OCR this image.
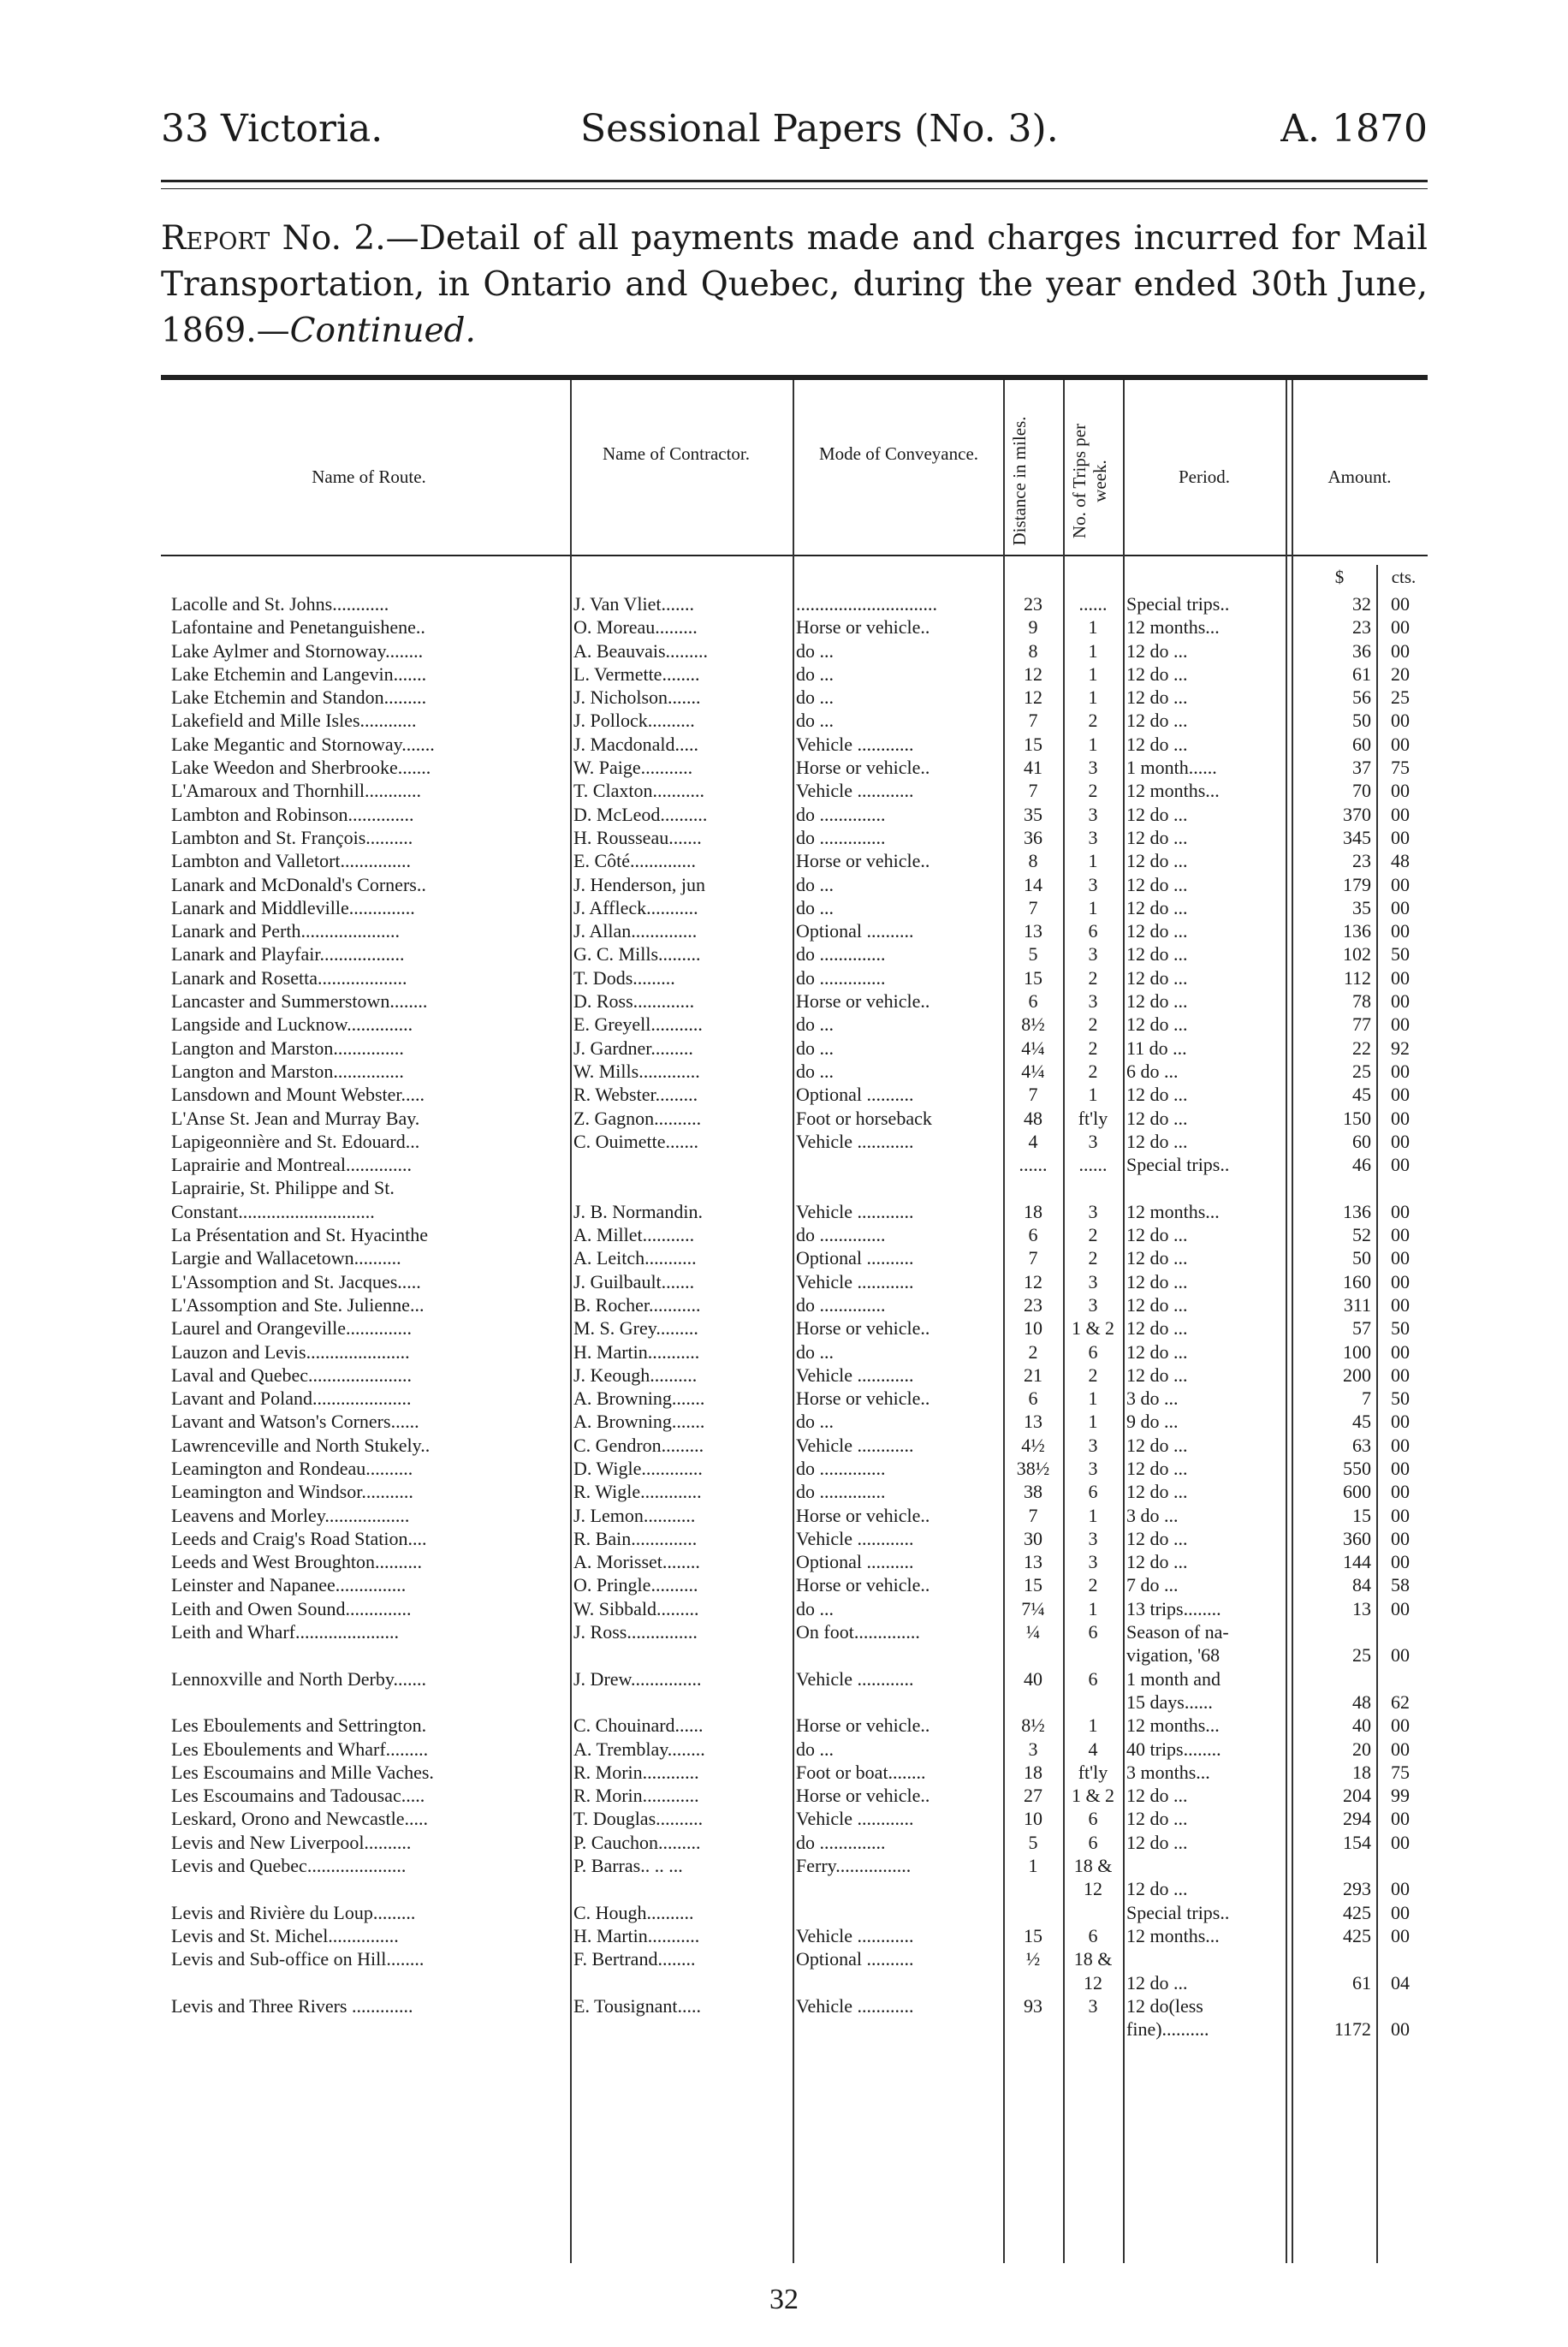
33 Victoria.	Sessional Papers (No. 3).	A. 1870
Report No. 2.—Detail of all payments made and charges incurred for Mail Transportation, in Ontario and Quebec, during the year ended 30th June, 1869.—Continued.
Name of Route.
Name of Contractor.	Mode of Conveyance.	Distance in miles.	No. of Trips per week.	Period.	Amount.
$	cts.
Lacolle and St. Johns............	J. Van Vliet.......	..............................	23	......	Special trips..	32	00
Lafontaine and Penetanguishene..	O. Moreau.........	Horse or vehicle..	9	1	12 months...	23	00
Lake Aylmer and Stornoway........	A. Beauvais.........	do ...	8	1	12 do ...	36	00
Lake Etchemin and Langevin.......	L. Vermette........	do ...	12	1	12 do ...	61	20
Lake Etchemin and Standon.........	J. Nicholson.......	do ...	12	1	12 do ...	56	25
Lakefield and Mille Isles............	J. Pollock..........	do ...	7	2	12 do ...	50	00
Lake Megantic and Stornoway.......	J. Macdonald.....	Vehicle ............	15	1	12 do ...	60	00
Lake Weedon and Sherbrooke.......	W. Paige...........	Horse or vehicle..	41	3	1 month......	37	75
L'Amaroux and Thornhill............	T. Claxton...........	Vehicle ............	7	2	12 months...	70	00
Lambton and Robinson..............	D. McLeod..........	do ..............	35	3	12 do ...	370	00
Lambton and St. François..........	H. Rousseau.......	do ..............	36	3	12 do ...	345	00
Lambton and Valletort...............	E. Côté..............	Horse or vehicle..	8	1	12 do ...	23	48
Lanark and McDonald's Corners..	J. Henderson, jun	do ...	14	3	12 do ...	179	00
Lanark and Middleville..............	J. Affleck...........	do ...	7	1	12 do ...	35	00
Lanark and Perth.....................	J. Allan..............	Optional ..........	13	6	12 do ...	136	00
Lanark and Playfair..................	G. C. Mills.........	do ..............	5	3	12 do ...	102	50
Lanark and Rosetta...................	T. Dods.........	do ..............	15	2	12 do ...	112	00
Lancaster and Summerstown........	D. Ross.............	Horse or vehicle..	6	3	12 do ...	78	00
Langside and Lucknow..............	E. Greyell...........	do ...	8½	2	12 do ...	77	00
Langton and Marston...............	J. Gardner.........	do ...	4¼	2	11 do ...	22	92
Langton and Marston...............	W. Mills.............	do ...	4¼	2	6 do ...	25	00
Lansdown and Mount Webster.....	R. Webster.........	Optional ..........	7	1	12 do ...	45	00
L'Anse St. Jean and Murray Bay.	Z. Gagnon..........	Foot or horseback	48	ft'ly	12 do ...	150	00
Lapigeonnière and St. Edouard...	C. Ouimette.......	Vehicle ............	4	3	12 do ...	60	00
Laprairie and Montreal..............			......	......	Special trips..	46	00
Laprairie, St. Philippe and St.							
Constant.............................	J. B. Normandin.	Vehicle ............	18	3	12 months...	136	00
La Présentation and St. Hyacinthe	A. Millet...........	do ..............	6	2	12 do ...	52	00
Largie and Wallacetown..........	A. Leitch...........	Optional ..........	7	2	12 do ...	50	00
L'Assomption and St. Jacques.....	J. Guilbault.......	Vehicle ............	12	3	12 do ...	160	00
L'Assomption and Ste. Julienne...	B. Rocher...........	do ..............	23	3	12 do ...	311	00
Laurel and Orangeville..............	M. S. Grey.........	Horse or vehicle..	10	1 & 2	12 do ...	57	50
Lauzon and Levis......................	H. Martin...........	do ...	2	6	12 do ...	100	00
Laval and Quebec......................	J. Keough..........	Vehicle ............	21	2	12 do ...	200	00
Lavant and Poland.....................	A. Browning.......	Horse or vehicle..	6	1	3 do ...	7	50
Lavant and Watson's Corners......	A. Browning.......	do ...	13	1	9 do ...	45	00
Lawrenceville and North Stukely..	C. Gendron.........	Vehicle ............	4½	3	12 do ...	63	00
Leamington and Rondeau..........	D. Wigle.............	do ..............	38½	3	12 do ...	550	00
Leamington and Windsor...........	R. Wigle.............	do ..............	38	6	12 do ...	600	00
Leavens and Morley..................	J. Lemon...........	Horse or vehicle..	7	1	3 do ...	15	00
Leeds and Craig's Road Station....	R. Bain..............	Vehicle ............	30	3	12 do ...	360	00
Leeds and West Broughton..........	A. Morisset........	Optional ..........	13	3	12 do ...	144	00
Leinster and Napanee...............	O. Pringle..........	Horse or vehicle..	15	2	7 do ...	84	58
Leith and Owen Sound..............	W. Sibbald.........	do ...	7¼	1	13 trips........	13	00
Leith and Wharf......................	J. Ross...............	On foot..............	¼	6	Season of na-		
					vigation, '68	25	00
Lennoxville and North Derby.......	J. Drew...............	Vehicle ............	40	6	1 month and		
					15 days......	48	62
Les Eboulements and Settrington.	C. Chouinard......	Horse or vehicle..	8½	1	12 months...	40	00
Les Eboulements and Wharf.........	A. Tremblay........	do ...	3	4	40 trips........	20	00
Les Escoumains and Mille Vaches.	R. Morin............	Foot or boat........	18	ft'ly	3 months...	18	75
Les Escoumains and Tadousac.....	R. Morin............	Horse or vehicle..	27	1 & 2	12 do ...	204	99
Leskard, Orono and Newcastle.....	T. Douglas..........	Vehicle ............	10	6	12 do ...	294	00
Levis and New Liverpool..........	P. Cauchon.........	do ..............	5	6	12 do ...	154	00
Levis and Quebec.....................	P. Barras.. .. ...	Ferry................	1	18 &			
				12	12 do ...	293	00
Levis and Rivière du Loup.........	C. Hough..........				Special trips..	425	00
Levis and St. Michel...............	H. Martin...........	Vehicle ............	15	6	12 months...	425	00
Levis and Sub-office on Hill........	F. Bertrand........	Optional ..........	½	18 &			
				12	12 do ...	61	04
Levis and Three Rivers .............	E. Tousignant.....	Vehicle ............	93	3	12 do(less		
					fine)..........	1172	00
32
